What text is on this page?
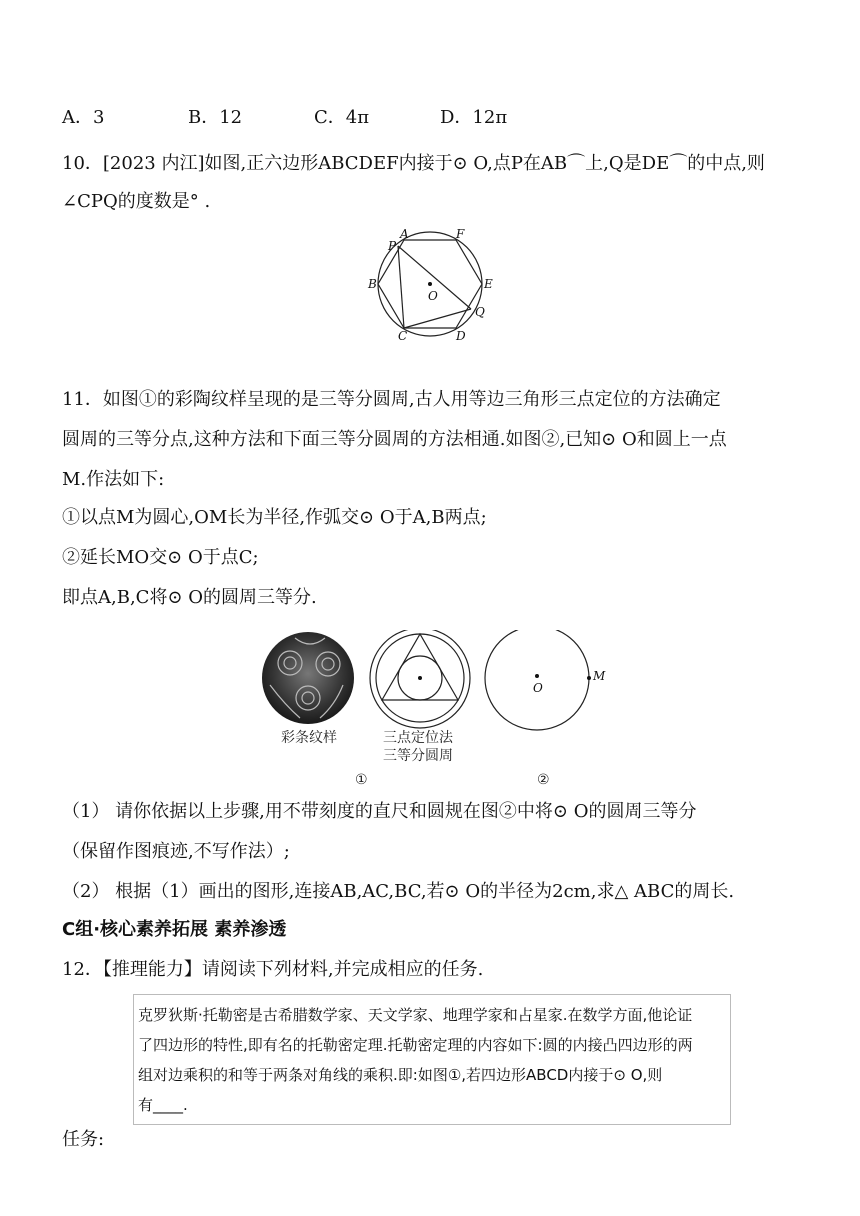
A．3	B．12	C．4π	D．12π
10．[2023 内江]如图,正六边形ABCDEF内接于⊙ O,点P在AB⌒上,Q是DE⌒的中点,则
∠CPQ的度数是° .
A	F
P
B
O
E
Q
C	D
11．如图①的彩陶纹样呈现的是三等分圆周,古人用等边三角形三点定位的方法确定
圆周的三等分点,这种方法和下面三等分圆周的方法相通.如图②,已知⊙ O和圆上一点
M.作法如下:
①以点M为圆心,OM长为半径,作弧交⊙ O于A,B两点;
②延长MO交⊙ O于点C;
即点A,B,C将⊙ O的圆周三等分.
彩条纹样	三点定位法
三等分圆周
①
O
M
②
（1） 请你依据以上步骤,用不带刻度的直尺和圆规在图②中将⊙ O的圆周三等分
（保留作图痕迹,不写作法）;
（2） 根据（1）画出的图形,连接AB,AC,BC,若⊙ O的半径为2cm,求△ ABC的周长.
C组·核心素养拓展 素养渗透
12．【推理能力】请阅读下列材料,并完成相应的任务.

克罗狄斯·托勒密是古希腊数学家、天文学家、地理学家和占星家.在数学方面,他论证

了四边形的特性,即有名的托勒密定理.托勒密定理的内容如下:圆的内接凸四边形的两

组对边乘积的和等于两条对角线的乘积.即:如图①,若四边形ABCD内接于⊙ O,则

有____.

任务:
